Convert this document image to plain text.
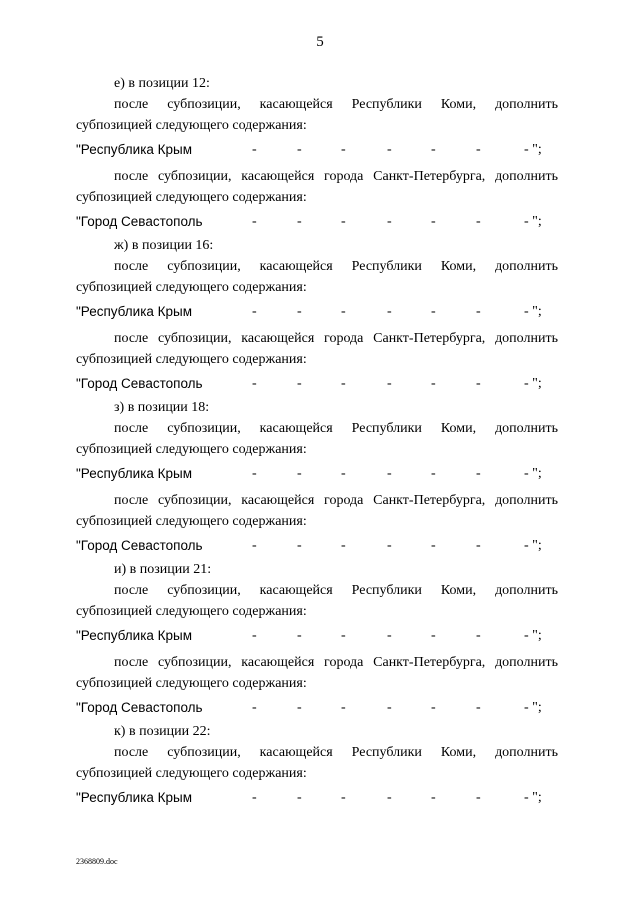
5
е) в позиции 12:
после субпозиции, касающейся Республики Коми, дополнить
субпозицией следующего содержания:
"Республика Крым	-	-	-	-	-	-	- ";
после субпозиции, касающейся города Санкт-Петербурга, дополнить
субпозицией следующего содержания:
"Город Севастополь	-	-	-	-	-	-	- ";
ж) в позиции 16:
после субпозиции, касающейся Республики Коми, дополнить
субпозицией следующего содержания:
"Республика Крым	-	-	-	-	-	-	- ";
после субпозиции, касающейся города Санкт-Петербурга, дополнить
субпозицией следующего содержания:
"Город Севастополь	-	-	-	-	-	-	- ";
з) в позиции 18:
после субпозиции, касающейся Республики Коми, дополнить
субпозицией следующего содержания:
"Республика Крым	-	-	-	-	-	-	- ";
после субпозиции, касающейся города Санкт-Петербурга, дополнить
субпозицией следующего содержания:
"Город Севастополь	-	-	-	-	-	-	- ";
и) в позиции 21:
после субпозиции, касающейся Республики Коми, дополнить
субпозицией следующего содержания:
"Республика Крым	-	-	-	-	-	-	- ";
после субпозиции, касающейся города Санкт-Петербурга, дополнить
субпозицией следующего содержания:
"Город Севастополь	-	-	-	-	-	-	- ";
к) в позиции 22:
после субпозиции, касающейся Республики Коми, дополнить
субпозицией следующего содержания:
"Республика Крым	-	-	-	-	-	-	- ";
2368809.doc
